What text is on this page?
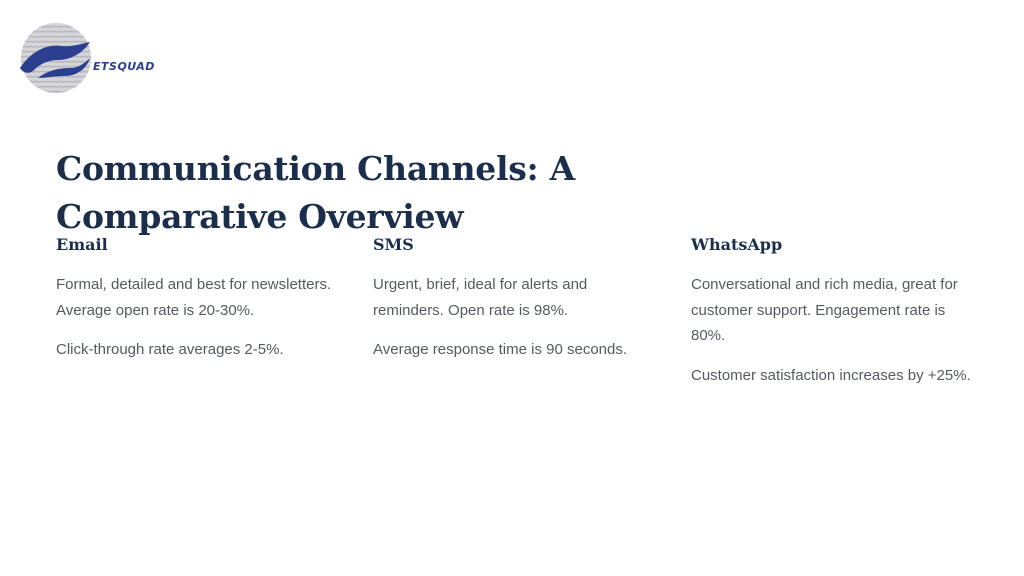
ETSQUAD
Communication Channels: A Comparative Overview
Email

Formal, detailed and best for newsletters. Average open rate is 20-30%.

Click-through rate averages 2-5%.

SMS

Urgent, brief, ideal for alerts and reminders. Open rate is 98%.

Average response time is 90 seconds.

WhatsApp

Conversational and rich media, great for customer support. Engagement rate is 80%.

Customer satisfaction increases by +25%.
